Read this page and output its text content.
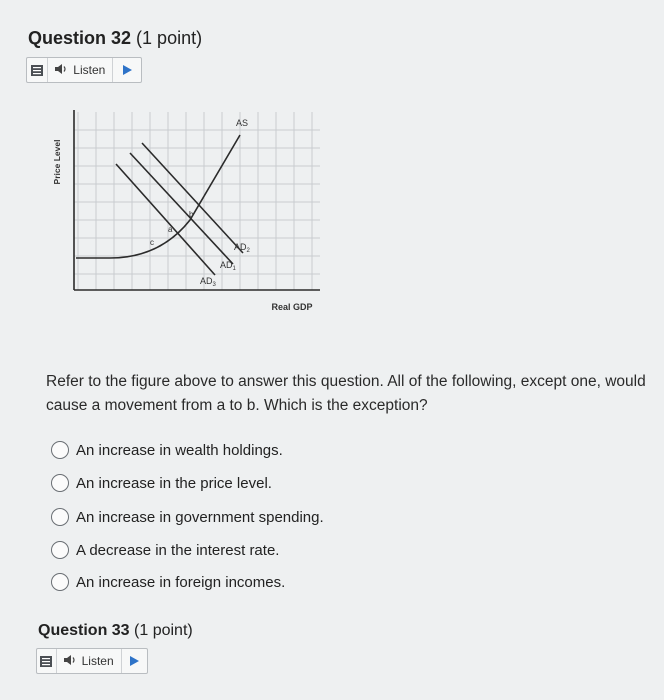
Question 32 (1 point)
Listen
Price Level
Real GDP
AS
$AD_2$
$AD_1$
$AD_3$
a
b
c
Refer to the figure above to answer this question. All of the following, except one, would cause a movement from a to b. Which is the exception?
An increase in wealth holdings.
An increase in the price level.
An increase in government spending.
A decrease in the interest rate.
An increase in foreign incomes.
Question 33 (1 point)
Listen
